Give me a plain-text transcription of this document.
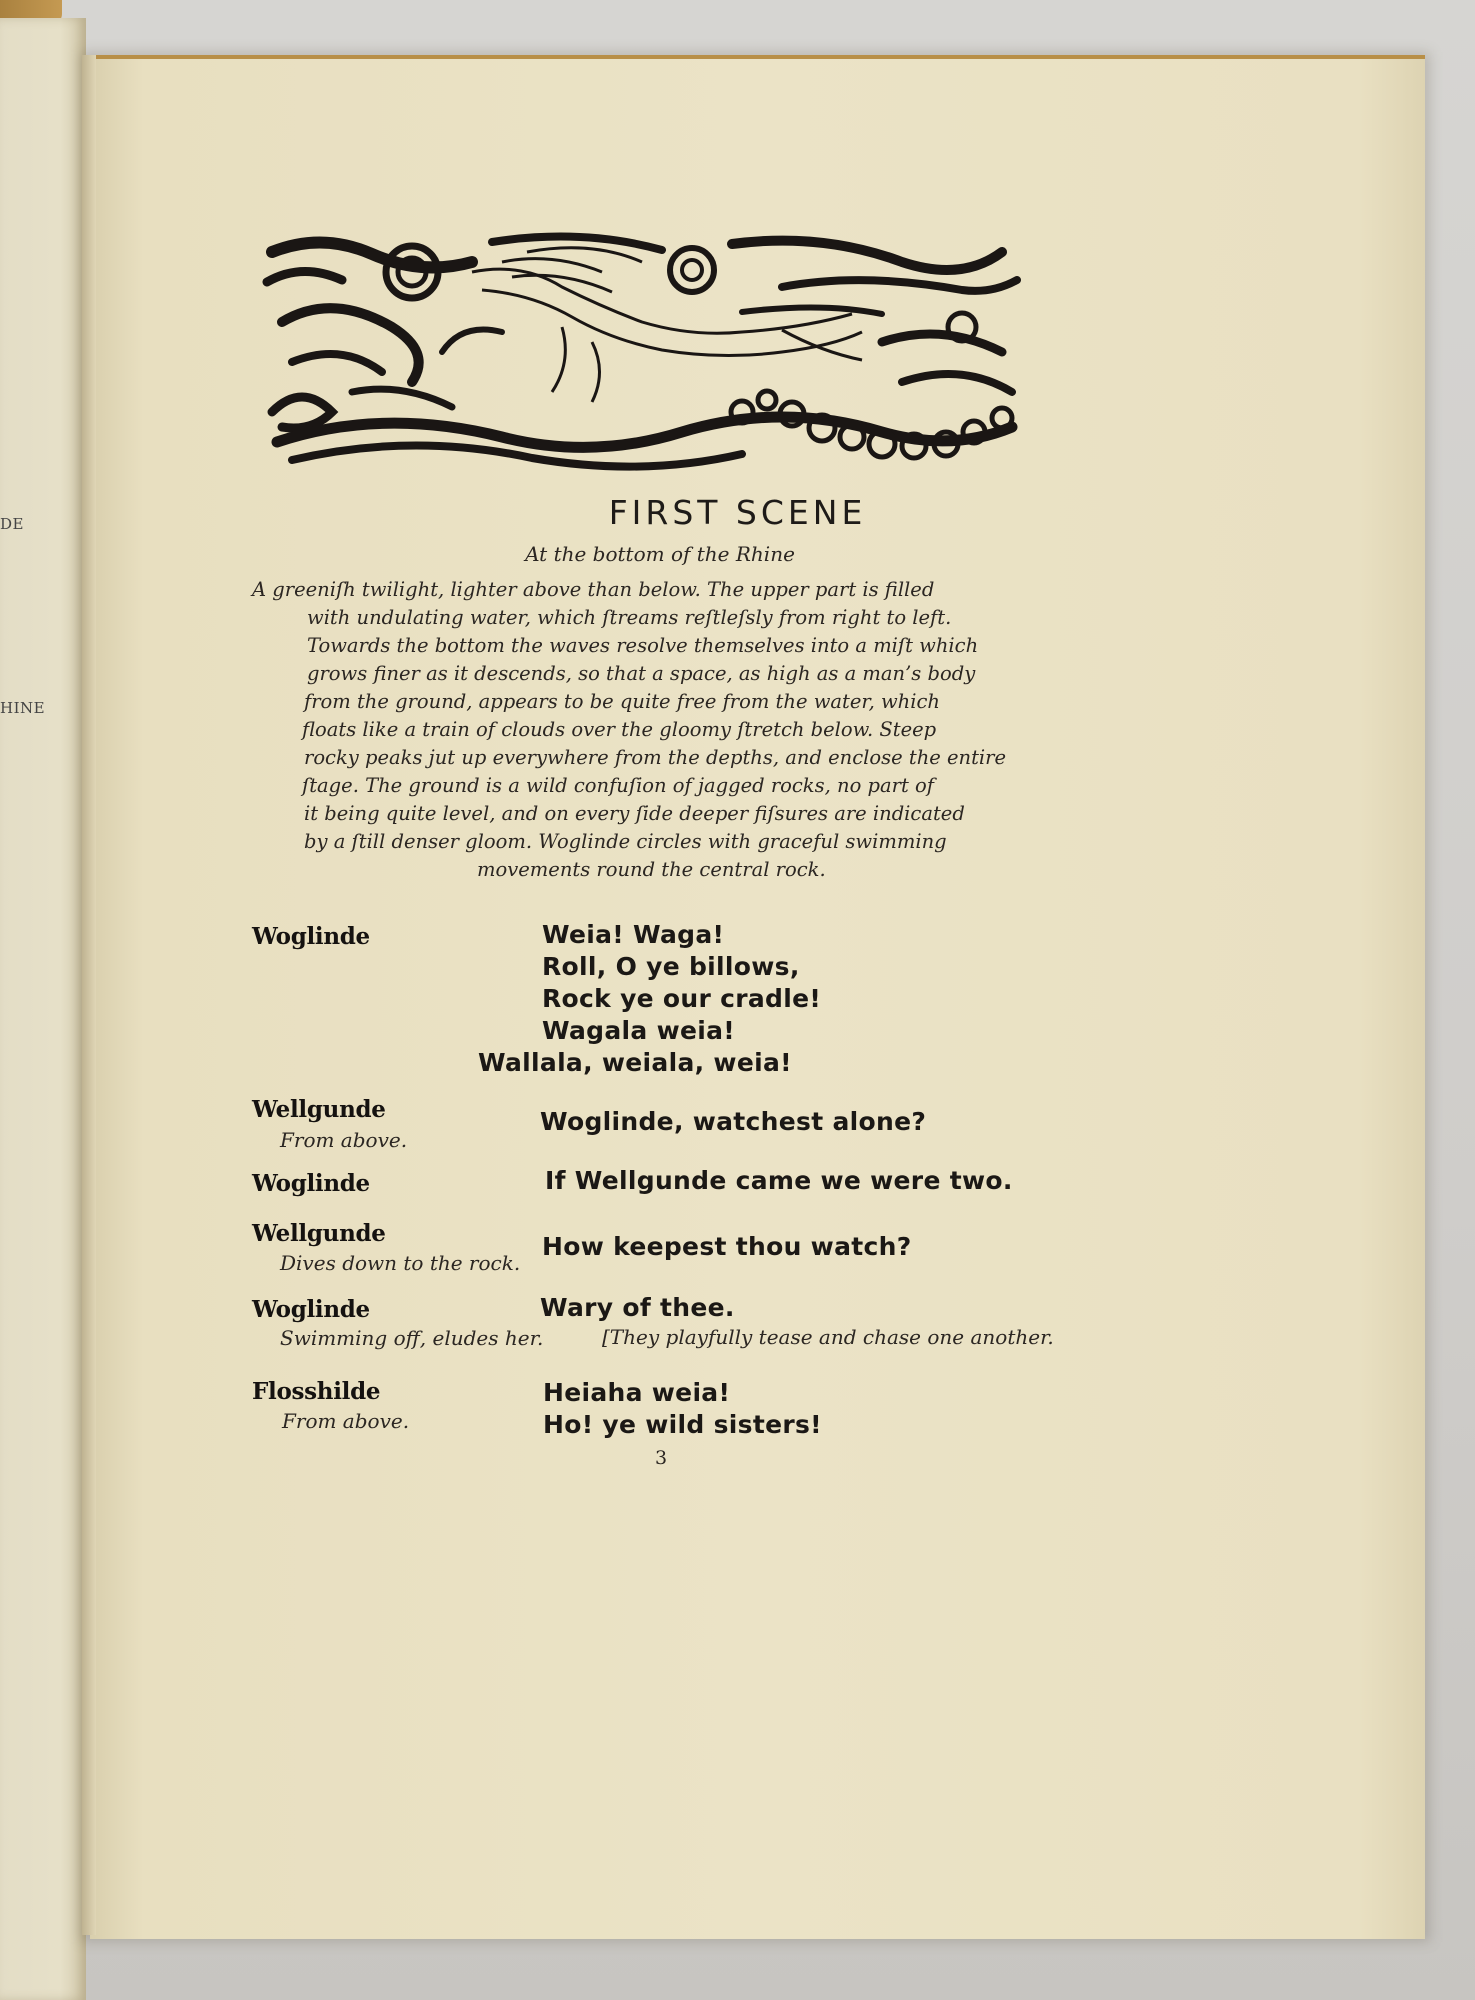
DE
HINE
FIRST SCENE
At the bottom of the Rhine
A greeniſh twilight, lighter above than below. The upper part is filled
with undulating water, which ſtreams reſtleſsly from right to left.
Towards the bottom the waves resolve themselves into a miſt which
grows finer as it descends, so that a space, as high as a man’s body
from the ground, appears to be quite free from the water, which
floats like a train of clouds over the gloomy ſtretch below. Steep
rocky peaks jut up everywhere from the depths, and enclose the entire
ſtage. The ground is a wild confuſion of jagged rocks, no part of
it being quite level, and on every ſide deeper fiſsures are indicated
by a ſtill denser gloom. Woglinde circles with graceful swimming
movements round the central rock.
Woglinde	Weia! Waga!
Roll, O ye billows,
Rock ye our cradle!
Wagala weia!
Wallala, weiala, weia!
Wellgunde
From above.
Woglinde, watchest alone?
Woglinde	If Wellgunde came we were two.
Wellgunde
Dives down to the rock.
How keepest thou watch?
Woglinde
Swimming off, eludes her.
Wary of thee.
[They playfully tease and chase one another.
Flosshilde
From above.
Heiaha weia!
Ho! ye wild sisters!
3
